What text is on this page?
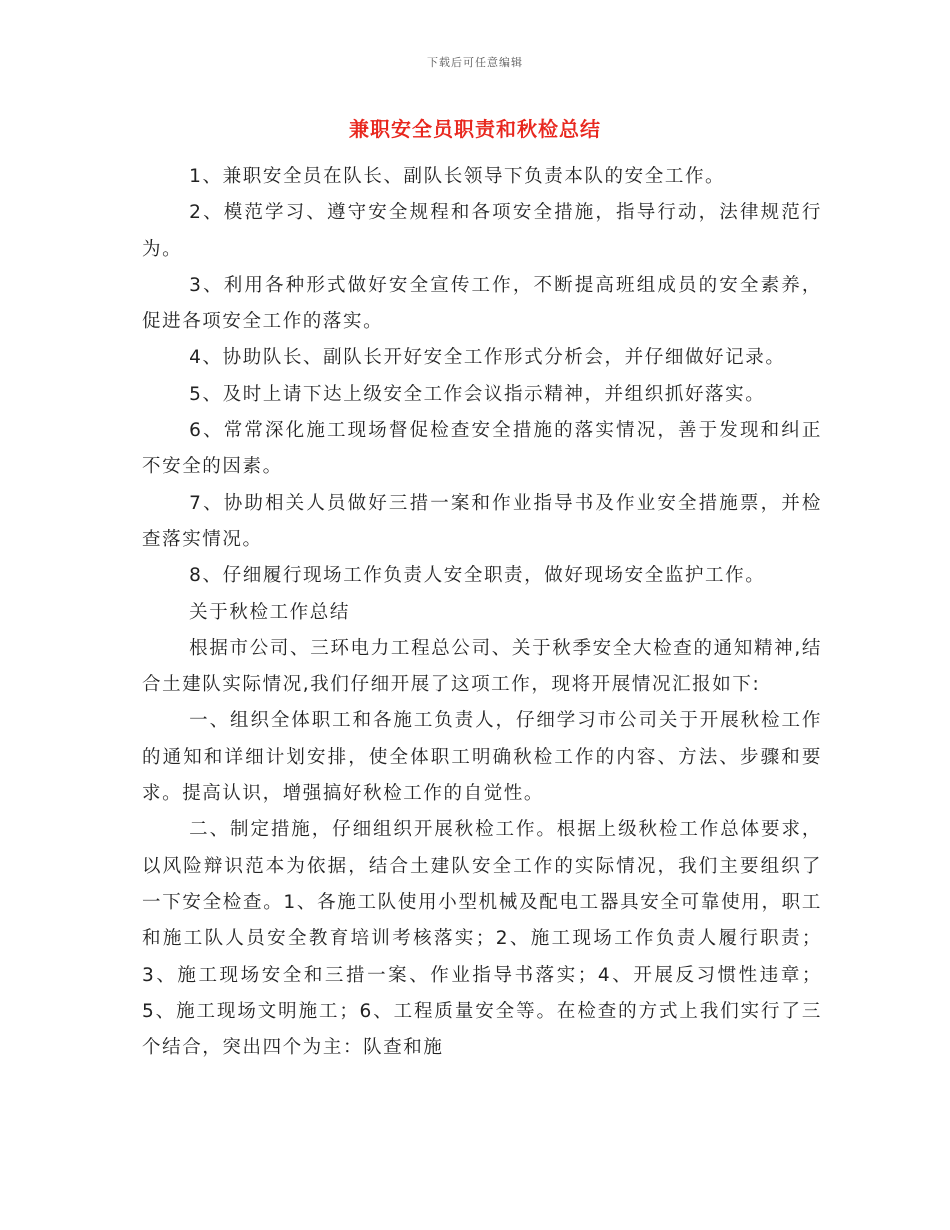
下载后可任意编辑
兼职安全员职责和秋检总结

1、兼职安全员在队长、副队长领导下负责本队的安全工作。

2、模范学习、遵守安全规程和各项安全措施，指导行动，法律规范行为。

3、利用各种形式做好安全宣传工作，不断提高班组成员的安全素养，促进各项安全工作的落实。

4、协助队长、副队长开好安全工作形式分析会，并仔细做好记录。

5、及时上请下达上级安全工作会议指示精神，并组织抓好落实。

6、常常深化施工现场督促检查安全措施的落实情况，善于发现和纠正不安全的因素。

7、协助相关人员做好三措一案和作业指导书及作业安全措施票，并检查落实情况。

8、仔细履行现场工作负责人安全职责，做好现场安全监护工作。

关于秋检工作总结

根据市公司、三环电力工程总公司、关于秋季安全大检查的通知精神,结合土建队实际情况,我们仔细开展了这项工作，现将开展情况汇报如下:

一、组织全体职工和各施工负责人，仔细学习市公司关于开展秋检工作的通知和详细计划安排，使全体职工明确秋检工作的内容、方法、步骤和要求。提高认识，增强搞好秋检工作的自觉性。

二、制定措施，仔细组织开展秋检工作。根据上级秋检工作总体要求，以风险辩识范本为依据，结合土建队安全工作的实际情况，我们主要组织了一下安全检查。1、各施工队使用小型机械及配电工器具安全可靠使用，职工和施工队人员安全教育培训考核落实；2、施工现场工作负责人履行职责；3、施工现场安全和三措一案、作业指导书落实；4、开展反习惯性违章；5、施工现场文明施工；6、工程质量安全等。在检查的方式上我们实行了三个结合，突出四个为主：队查和施
